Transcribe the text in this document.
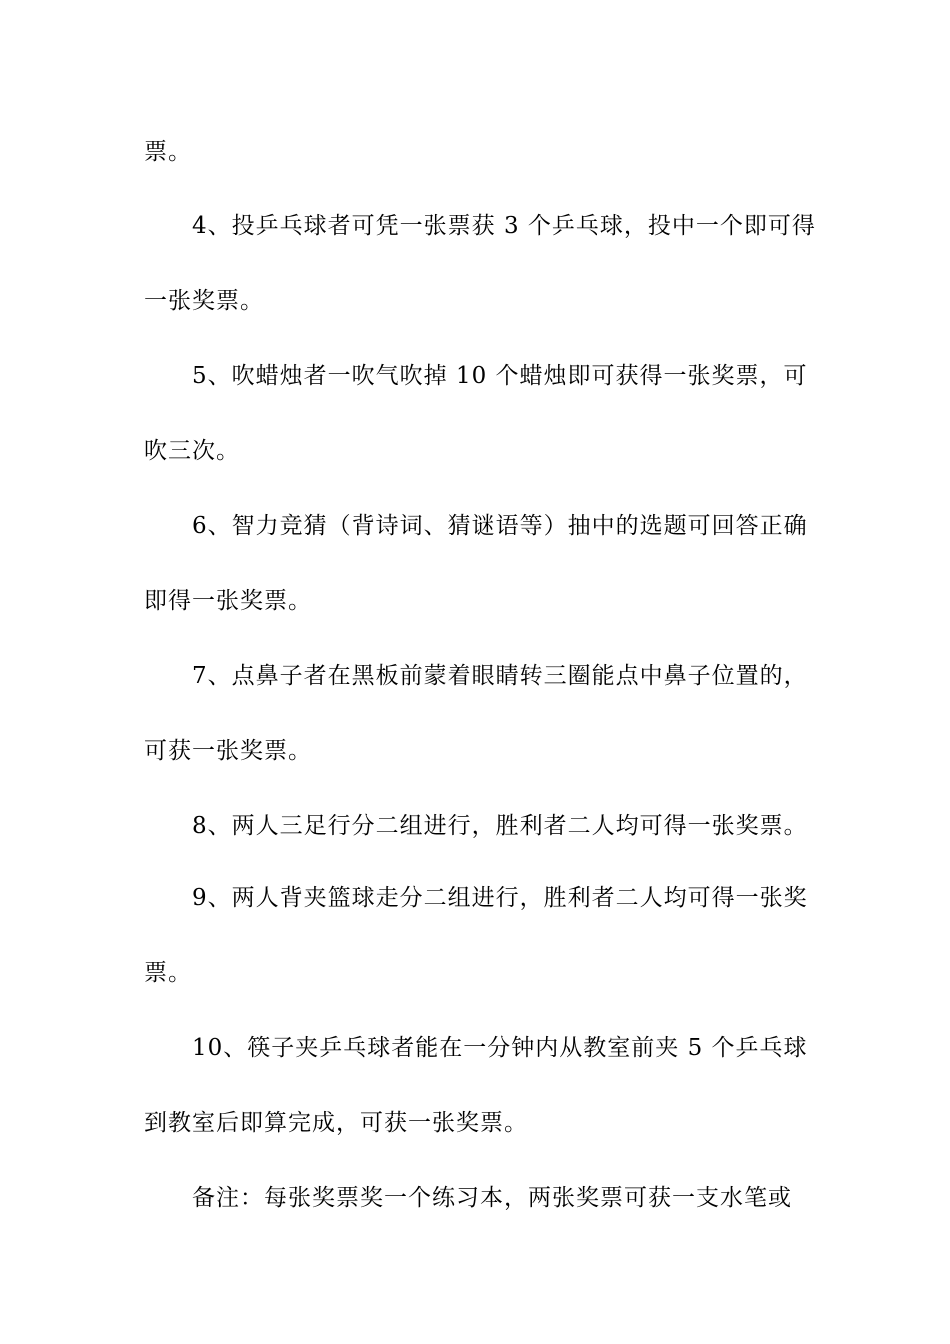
票。
4、投乒乓球者可凭一张票获 3 个乒乓球，投中一个即可得
一张奖票。
5、吹蜡烛者一吹气吹掉 10 个蜡烛即可获得一张奖票，可
吹三次。
6、智力竞猜（背诗词、猜谜语等）抽中的选题可回答正确
即得一张奖票。
7、点鼻子者在黑板前蒙着眼睛转三圈能点中鼻子位置的，
可获一张奖票。
8、两人三足行分二组进行，胜利者二人均可得一张奖票。
9、两人背夹篮球走分二组进行，胜利者二人均可得一张奖
票。
10、筷子夹乒乓球者能在一分钟内从教室前夹 5 个乒乓球
到教室后即算完成，可获一张奖票。
备注：每张奖票奖一个练习本，两张奖票可获一支水笔或
